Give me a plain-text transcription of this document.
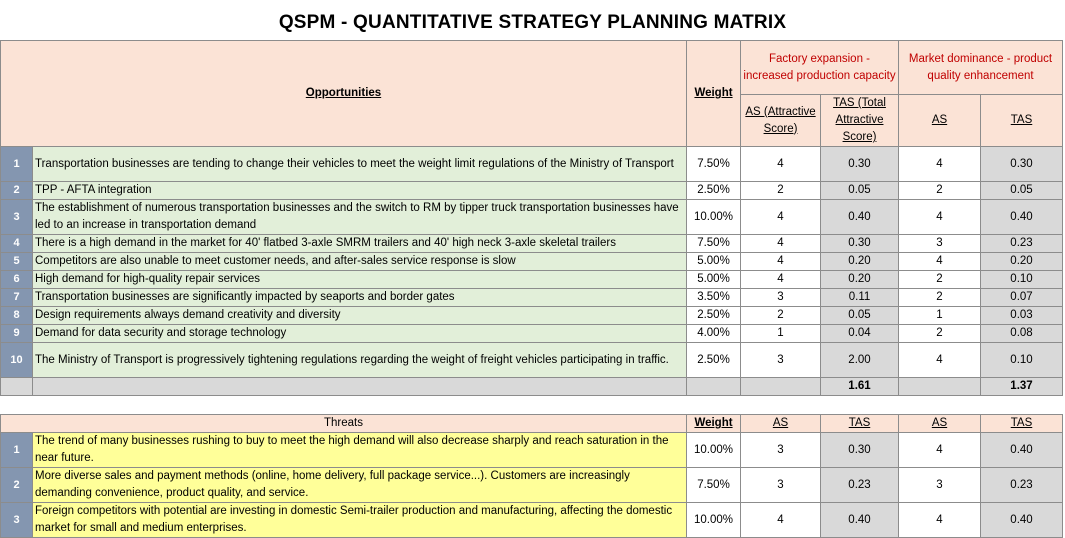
QSPM - QUANTITATIVE STRATEGY PLANNING MATRIX
Opportunities		Weight	Factory expansion - increased production capacity		Market dominance - product quality enhancement	
			AS (Attractive Score)	TAS (Total Attractive Score)	AS	TAS
1	Transportation businesses are tending to change their vehicles to meet the weight limit regulations of the Ministry of Transport	7.50%	4	0.30	4	0.30
2	TPP - AFTA integration	2.50%	2	0.05	2	0.05
3	The establishment of numerous transportation businesses and the switch to RM by tipper truck transportation businesses have led to an increase in transportation demand	10.00%	4	0.40	4	0.40
4	There is a high demand in the market for 40' flatbed 3-axle SMRM trailers and 40' high neck 3-axle skeletal trailers	7.50%	4	0.30	3	0.23
5	Competitors are also unable to meet customer needs, and after-sales service response is slow	5.00%	4	0.20	4	0.20
6	High demand for high-quality repair services	5.00%	4	0.20	2	0.10
7	Transportation businesses are significantly impacted by seaports and border gates	3.50%	3	0.11	2	0.07
8	Design requirements always demand creativity and diversity	2.50%	2	0.05	1	0.03
9	Demand for data security and storage technology	4.00%	1	0.04	2	0.08
10	The Ministry of Transport is progressively tightening regulations regarding the weight of freight vehicles participating in traffic.	2.50%	3	2.00	4	0.10
				1.61		1.37
Threats		Weight	AS	TAS	AS	TAS
1	The trend of many businesses rushing to buy to meet the high demand will also decrease sharply and reach saturation in the near future.	10.00%	3	0.30	4	0.40
2	More diverse sales and payment methods (online, home delivery, full package service...). Customers are increasingly demanding convenience, product quality, and service.	7.50%	3	0.23	3	0.23
3	Foreign competitors with potential are investing in domestic Semi-trailer production and manufacturing, affecting the domestic market for small and medium enterprises.	10.00%	4	0.40	4	0.40
